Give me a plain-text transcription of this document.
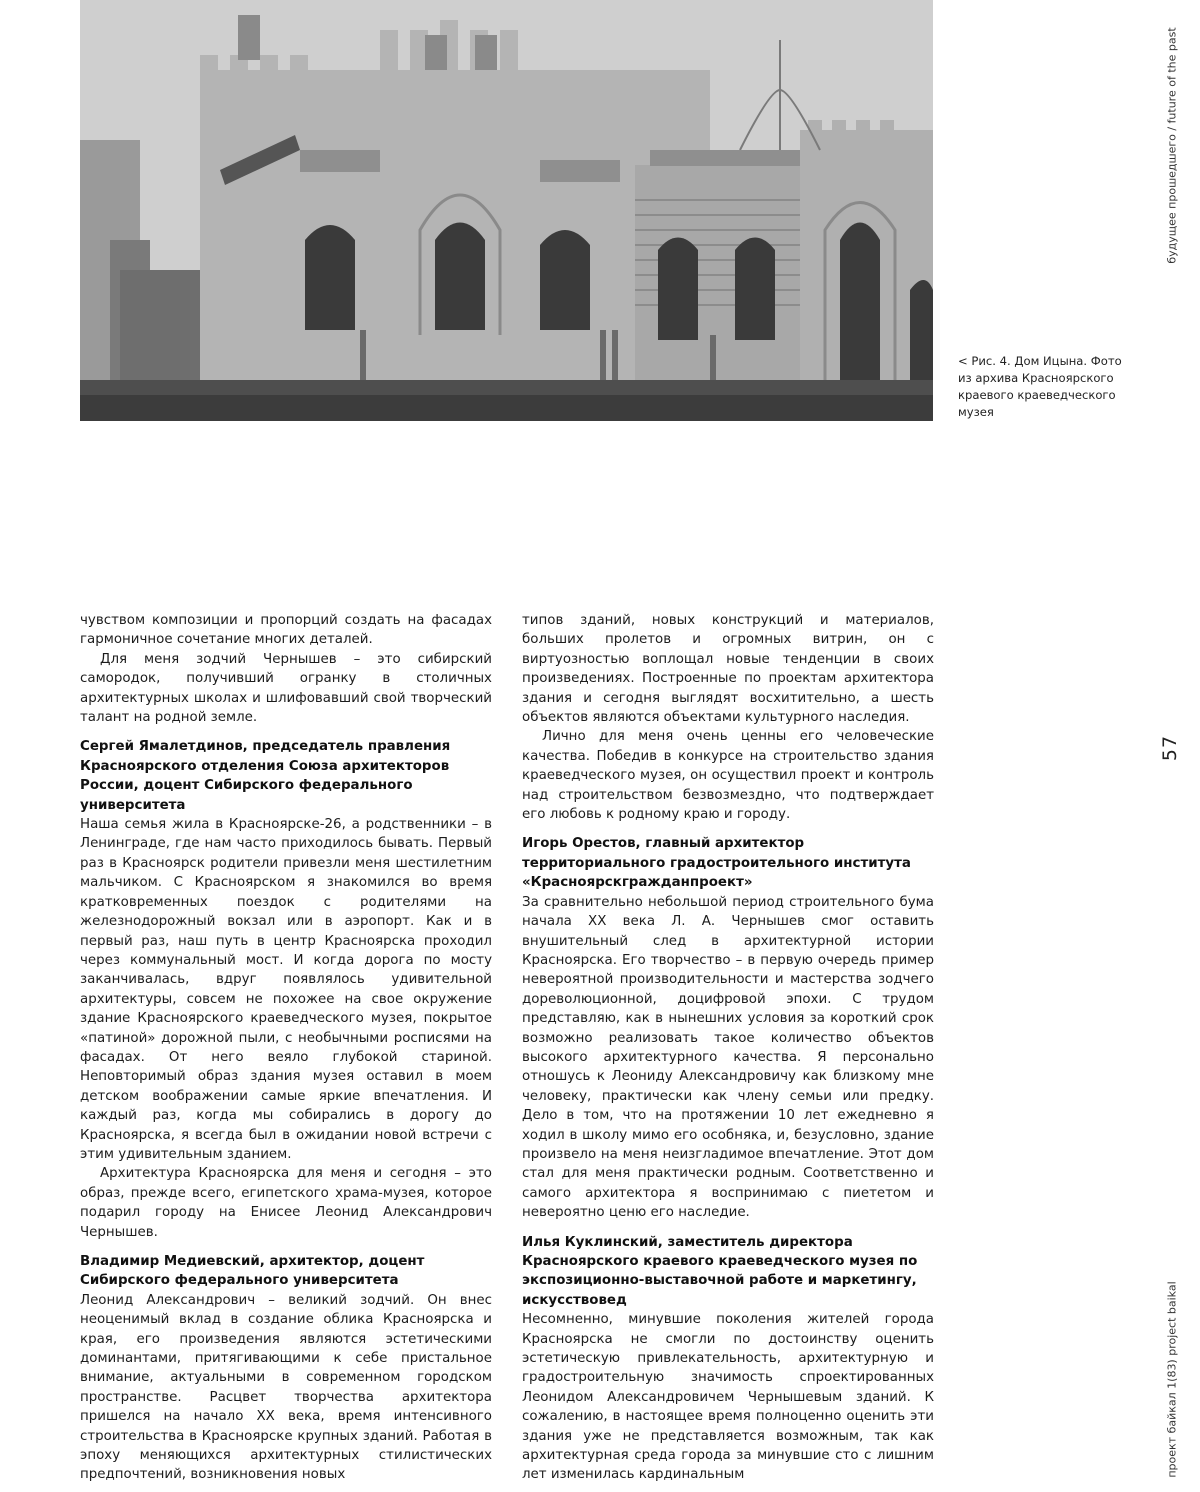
< Рис. 4. Дом Ицына. Фото из архива Красноярского краевого краеведческого музея
будущее прошедшего / future of the past
57
проект байкал 1(83) project baikal

чувством композиции и пропорций создать на фасадах гармоничное сочетание многих деталей.

Для меня зодчий Чернышев – это сибирский самородок, получивший огранку в столичных архитектурных школах и шлифовавший свой творческий талант на родной земле.

Сергей Ямалетдинов, председатель правления Красноярского отделения Союза архитекторов России, доцент Сибирского федерального университета

Наша семья жила в Красноярске-26, а родственники – в Ленинграде, где нам часто приходилось бывать. Первый раз в Красноярск родители привезли меня шестилетним мальчиком. С Красноярском я знакомился во время кратковременных поездок с родителями на железнодорожный вокзал или в аэропорт. Как и в первый раз, наш путь в центр Красноярска проходил через коммунальный мост. И когда дорога по мосту заканчивалась, вдруг появлялось удивительной архитектуры, совсем не похожее на свое окружение здание Красноярского краеведческого музея, покрытое «патиной» дорожной пыли, с необычными росписями на фасадах. От него веяло глубокой стариной. Неповторимый образ здания музея оставил в моем детском воображении самые яркие впечатления. И каждый раз, когда мы собирались в дорогу до Красноярска, я всегда был в ожидании новой встречи с этим удивительным зданием.

Архитектура Красноярска для меня и сегодня – это образ, прежде всего, египетского храма-музея, которое подарил городу на Енисее Леонид Александрович Чернышев.

Владимир Медиевский, архитектор, доцент Сибирского федерального университета

Леонид Александрович – великий зодчий. Он внес неоценимый вклад в создание облика Красноярска и края, его произведения являются эстетическими доминантами, притягивающими к себе пристальное внимание, актуальными в современном городском пространстве. Расцвет творчества архитектора пришелся на начало XX века, время интенсивного строительства в Красноярске крупных зданий. Работая в эпоху меняющихся архитектурных стилистических предпочтений, возникновения новых

типов зданий, новых конструкций и материалов, больших пролетов и огромных витрин, он с виртуозностью воплощал новые тенденции в своих произведениях. Построенные по проектам архитектора здания и сегодня выглядят восхитительно, а шесть объектов являются объектами культурного наследия.

Лично для меня очень ценны его человеческие качества. Победив в конкурсе на строительство здания краеведческого музея, он осуществил проект и контроль над строительством безвозмездно, что подтверждает его любовь к родному краю и городу.

Игорь Орестов, главный архитектор территориального градостроительного института «Красноярскгражданпроект»

За сравнительно небольшой период строительного бума начала XX века Л. А. Чернышев смог оставить внушительный след в архитектурной истории Красноярска. Его творчество – в первую очередь пример невероятной производительности и мастерства зодчего дореволюционной, доцифровой эпохи. С трудом представляю, как в нынешних условия за короткий срок возможно реализовать такое количество объектов высокого архитектурного качества. Я персонально отношусь к Леониду Александровичу как близкому мне человеку, практически как члену семьи или предку. Дело в том, что на протяжении 10 лет ежедневно я ходил в школу мимо его особняка, и, безусловно, здание произвело на меня неизгладимое впечатление. Этот дом стал для меня практически родным. Соответственно и самого архитектора я воспринимаю с пиететом и невероятно ценю его наследие.

Илья Куклинский, заместитель директора Красноярского краевого краеведческого музея по экспозиционно-выставочной работе и маркетингу, искусствовед

Несомненно, минувшие поколения жителей города Красноярска не смогли по достоинству оценить эстетическую привлекательность, архитектурную и градостроительную значимость спроектированных Леонидом Александровичем Чернышевым зданий. К сожалению, в настоящее время полноценно оценить эти здания уже не представляется возможным, так как архитектурная среда города за минувшие сто с лишним лет изменилась кардинальным
